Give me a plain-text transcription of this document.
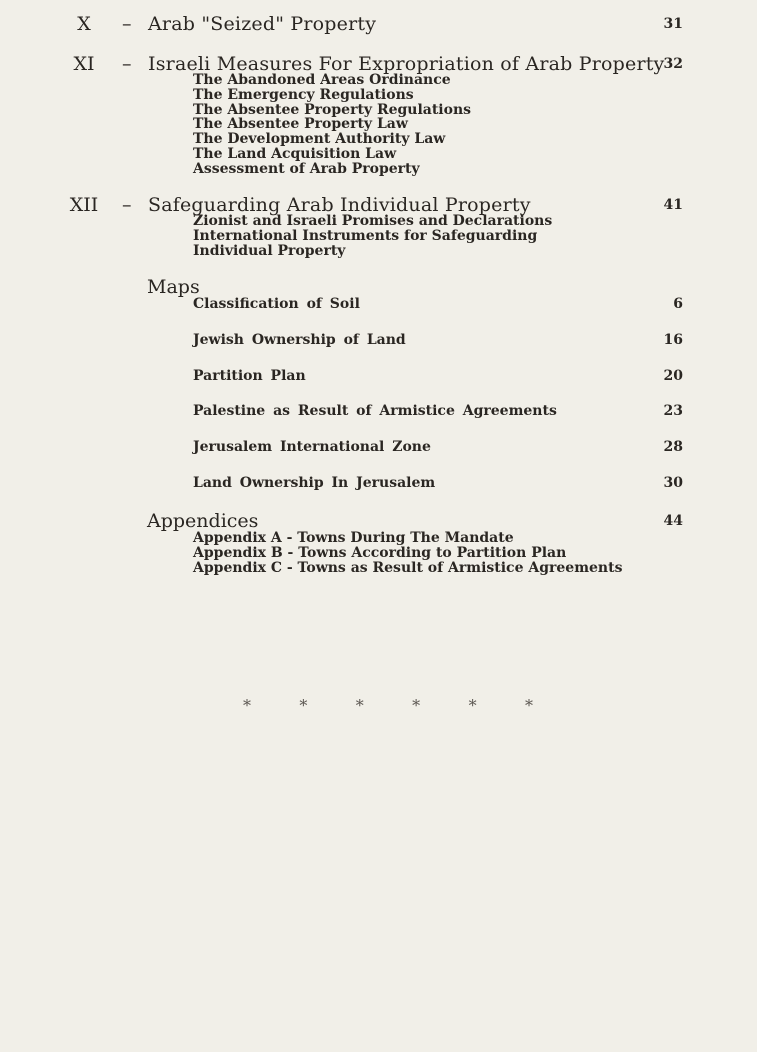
X	– Arab "Seized" Property	31
XI	– Israeli Measures For Expropriation of Arab Property 32
The Abandoned Areas Ordinance
The Emergency Regulations
The Absentee Property Regulations
The Absentee Property Law
The Development Authority Law
The Land Acquisition Law
Assessment of Arab Property
XII	– Safeguarding Arab Individual Property	41
Zionist and Israeli Promises and Declarations
International Instruments for Safeguarding
Individual Property
Maps
Classification of Soil	6
Jewish Ownership of Land	16
Partition Plan	20
Palestine as Result of Armistice Agreements	23
Jerusalem International Zone	28
Land Ownership In Jerusalem	30
Appendices	44
Appendix A - Towns During The Mandate
Appendix B - Towns According to Partition Plan
Appendix C - Towns as Result of Armistice Agreements
*	*	*	*	*	*
